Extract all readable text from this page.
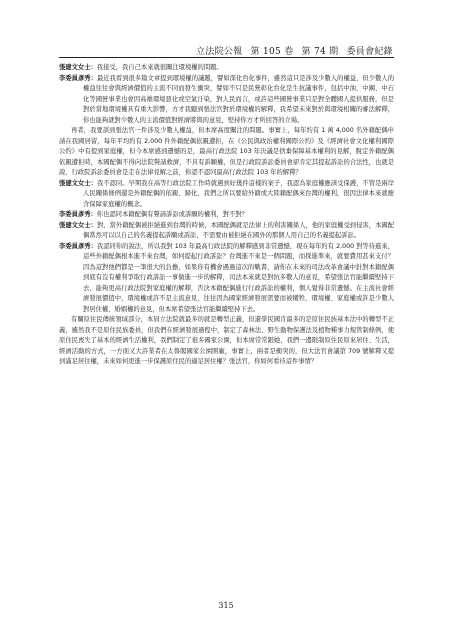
立法院公報 第 105 卷 第 74 期 委員會紀錄

張建文女士：我接受，我自己本來就很關注環境權的問題。

李委員彥秀：最近我看到很多篇文章提到環境權的議題，譬如深化台化事件，雖然這只是涉及少數人的權益，但少數人的權益往往會與經濟價值的主流不同而發生衝突，譬如不只是民營彰化台化是生抗議事件，包括中油、中鋼、中石化等國營事業也會因高雄環境惡化或空氣汙染，對人民而言，或許這些國營事業只是對全體國人提供服務，但是對於當地環境權具有重大影響，方才我聽到張法官對於環境權的解釋，我希望未來對於與環境相關的審法解釋，你也能夠就對少數人的主流價值對經濟將與的意見，堅持你方才所回答的立場。

再者，我要談到張法官一件涉及少數人權益，但本席高度關注的問題。事實上，每年約有 1 萬 4,000 名外籍配偶申請在我國居留，每年平均約有 2,000 件外籍配偶依親遭拒，在《公民與政治權利國際公約》及《經濟社會文化權利國際公約》中有提到家庭權，但今本席感到遺憾的是，最高行政法院 103 年決議是捨棄保障基本權利的見解，脫定外籍配偶依親遭拒時，本國配偶不得向法院聲請救濟，不具有訴願權，但是行政院訴訟委員會卻肯定其提起訴訟的合法性，也就是說，行政院訴訟委員會是走在法律見解之前，你認不認同最高行政法院 103 年的解釋？

張建文女士：我不認同。早期我在高等行政法院工作時就遇到好幾件這樣的案子，我認為家庭權應該受保護，不管是兩岸人民關係條例還是外籍配偶的依親、歸化，我們之所以要給外籍或大陸籍配偶來台灣的權利，很因法律本來就應含保障家庭權的概念。

李委員彥秀：你也認同本籍配偶有聲請訴訟或訴願的權利，對不對？

張建文女士：對，當外籍配偶被拒絕進到台灣的時候，本國配偶就是法律上的利害關係人，他的家庭權受到侵害，本國配偶當然可以以自己的名義提起訴願或訴訟，不需要由被拒絕在國外的那個人用自己的名義提起訴訟。

李委員彥秀：我認同你的說法，所以我對 103 年最高行政法院的解釋感到非常遺憾，現在每年約有 2,000 對等待進來，這些外籍配偶根本進不來台灣，如何提起行政訴訟？台灣進不來是一個問題，而探進準來，就要費用甚來支付？因為這對他們都是一筆很大的負擔，如果你有機會遇過這次的戰書，請你在未來的司法改革會議中針對本籍配偶到底有沒有權利爭取行政訴訟一事做進一步的解釋，司法本來就是對抗多數人的意見，希望張法官能繼續堅持下去，能夠更高行政法院對家庭權的解釋，否決本籍配偶進行行政訴訟的權利，個人覺得非常遺憾。在主流社會經濟發展價值中，環境權或許不是主流意見，往往因為國家經濟發展需要而被犧牲，環境權、家庭權或許是少數人對居住權、婚姻權的意見，但本席希望張法官能繼續堅持下去。

有關原住民傳統領域部分，本屆立法院就最多的就是轉型正義，但還學民國肯最多的是原住民族基本法中的轉型不正義，雖然我不是原住民族委員，但我們在經濟發展過程中，制定了森林法、野生動物保護法及植物種事力規管制條例，使原住民喪失了基本的經濟生活權利，我們制定了很多國家公園，但本席常常跟她，我們一邊限制原住民原來居住、生活，經濟活動的方式，一方面又大許業者在太魯閣國家公園開廠，事實上，兩者是衝突的，但大法官會議第 709 號解釋又提到滿足居住權，未來如何更進一步保護原住民的適足居住權？張法官，你如何看待這件事情？

315
